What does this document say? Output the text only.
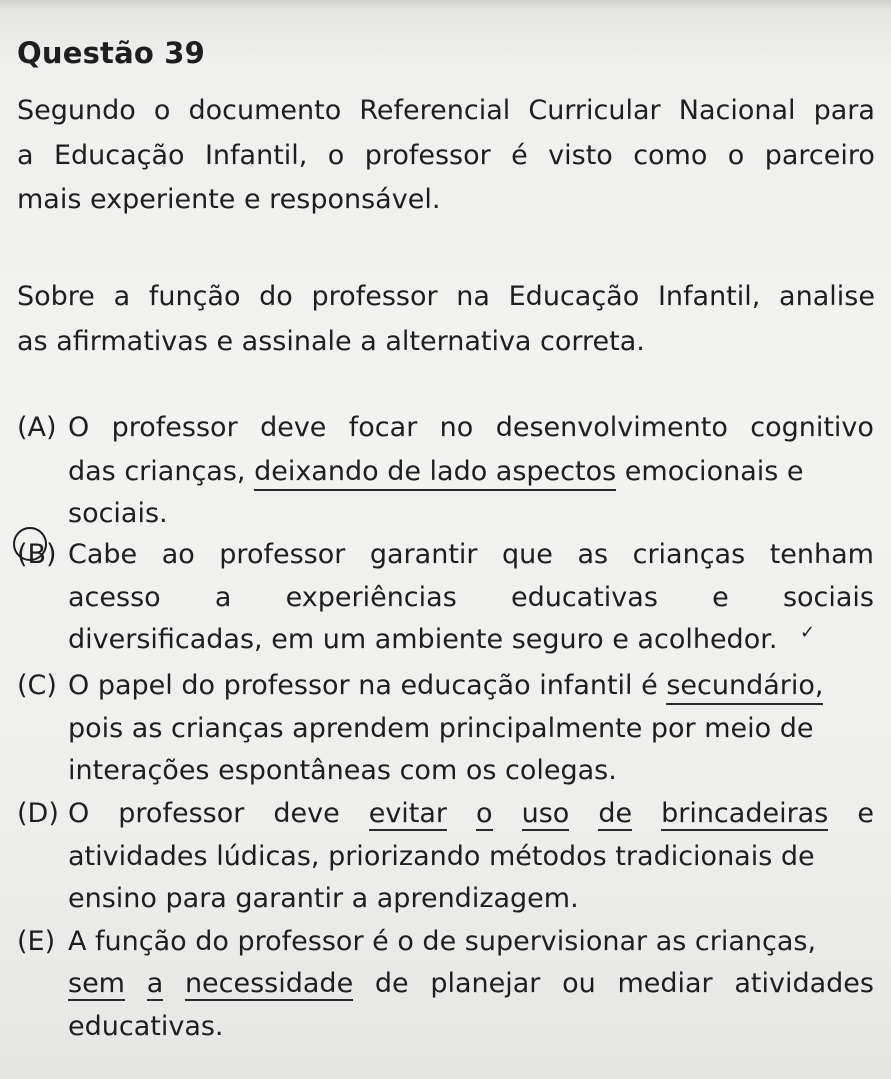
Questão 39
Segundo o documento Referencial Curricular Nacional para
a Educação Infantil, o professor é visto como o parceiro
mais experiente e responsável.
Sobre a função do professor na Educação Infantil, analise
as afirmativas e assinale a alternativa correta.
(A) O professor deve focar no desenvolvimento cognitivo
das crianças, deixando de lado aspectos emocionais e
sociais.
(B) Cabe ao professor garantir que as crianças tenham
acesso a experiências educativas e sociais
diversificadas, em um ambiente seguro e acolhedor. ✓
(C) O papel do professor na educação infantil é secundário,
pois as crianças aprendem principalmente por meio de
interações espontâneas com os colegas.
(D) O professor deve evitar o uso de brincadeiras e
atividades lúdicas, priorizando métodos tradicionais de
ensino para garantir a aprendizagem.
(E) A função do professor é o de supervisionar as crianças,
sem a necessidade de planejar ou mediar atividades
educativas.
